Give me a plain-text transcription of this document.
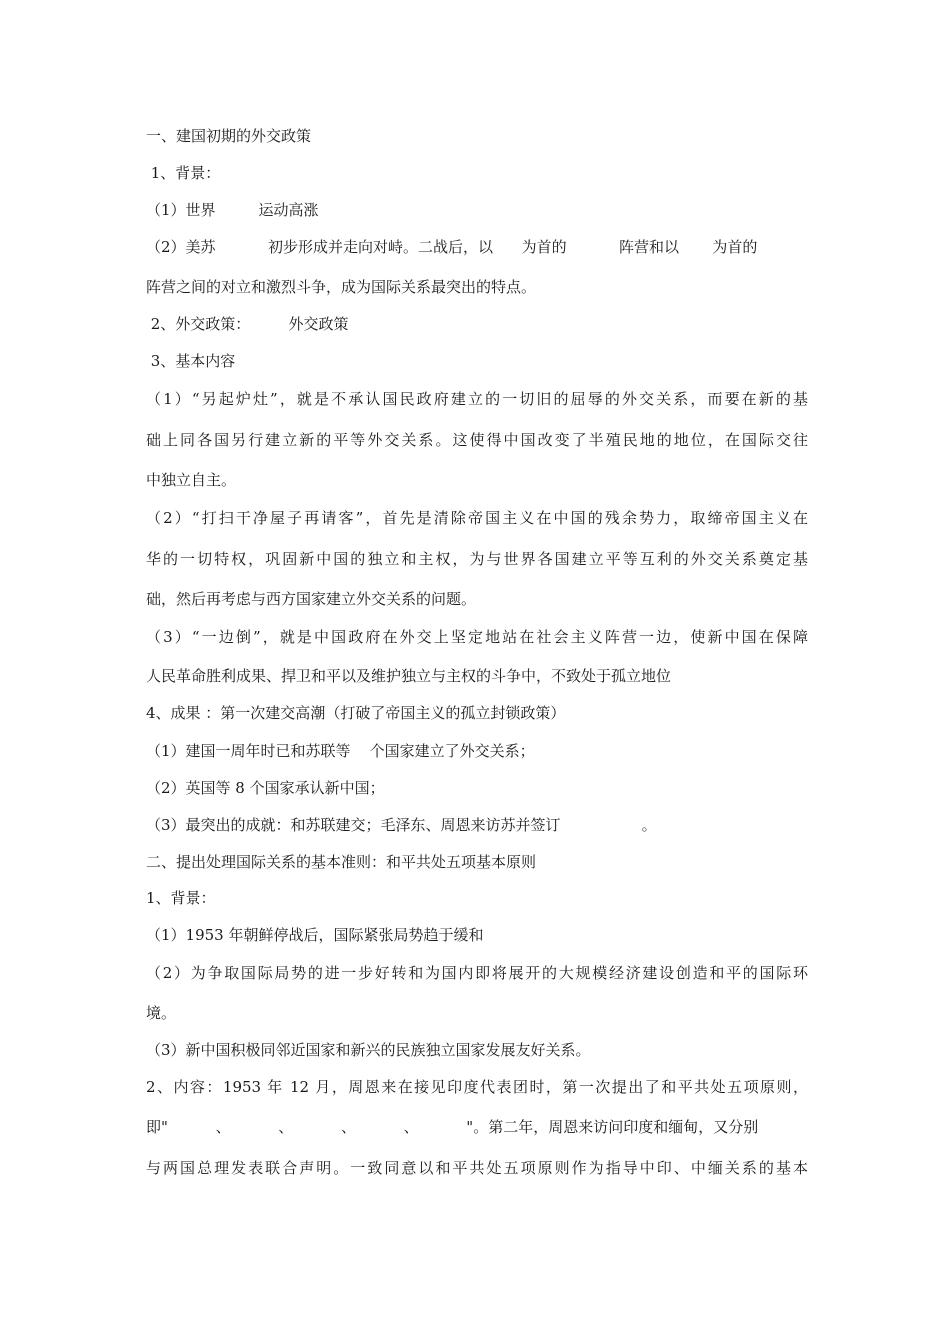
一、建国初期的外交政策
1、背景：
（1）世界         运动高涨
（2）美苏           初步形成并走向对峙。二战后，以      为首的           阵营和以       为首的
阵营之间的对立和激烈斗争，成为国际关系最突出的特点。
2、外交政策：        外交政策
3、基本内容
（1）“另起炉灶”，就是不承认国民政府建立的一切旧的屈辱的外交关系，而要在新的基
础上同各国另行建立新的平等外交关系。这使得中国改变了半殖民地的地位，在国际交往
中独立自主。
（2）“打扫干净屋子再请客”，首先是清除帝国主义在中国的残余势力，取缔帝国主义在
华的一切特权，巩固新中国的独立和主权，为与世界各国建立平等互利的外交关系奠定基
础，然后再考虑与西方国家建立外交关系的问题。
（3）“一边倒”，就是中国政府在外交上坚定地站在社会主义阵营一边，使新中国在保障
人民革命胜利成果、捍卫和平以及维护独立与主权的斗争中，不致处于孤立地位
4、成果 ：第一次建交高潮（打破了帝国主义的孤立封锁政策）
（1）建国一周年时已和苏联等    个国家建立了外交关系；
（2）英国等 8 个国家承认新中国；
（3）最突出的成就：和苏联建交；毛泽东、周恩来访苏并签订                 。
二、提出处理国际关系的基本准则：和平共处五项基本原则
1、背景：
（1）1953 年朝鲜停战后，国际紧张局势趋于缓和
（2）为争取国际局势的进一步好转和为国内即将展开的大规模经济建设创造和平的国际环
境。
（3）新中国积极同邻近国家和新兴的民族独立国家发展友好关系。
2、内容：1953 年 12 月，周恩来在接见印度代表团时，第一次提出了和平共处五项原则，
即"          、          、          、          、          "。第二年，周恩来访问印度和缅甸，又分别
与两国总理发表联合声明。一致同意以和平共处五项原则作为指导中印、中缅关系的基本
